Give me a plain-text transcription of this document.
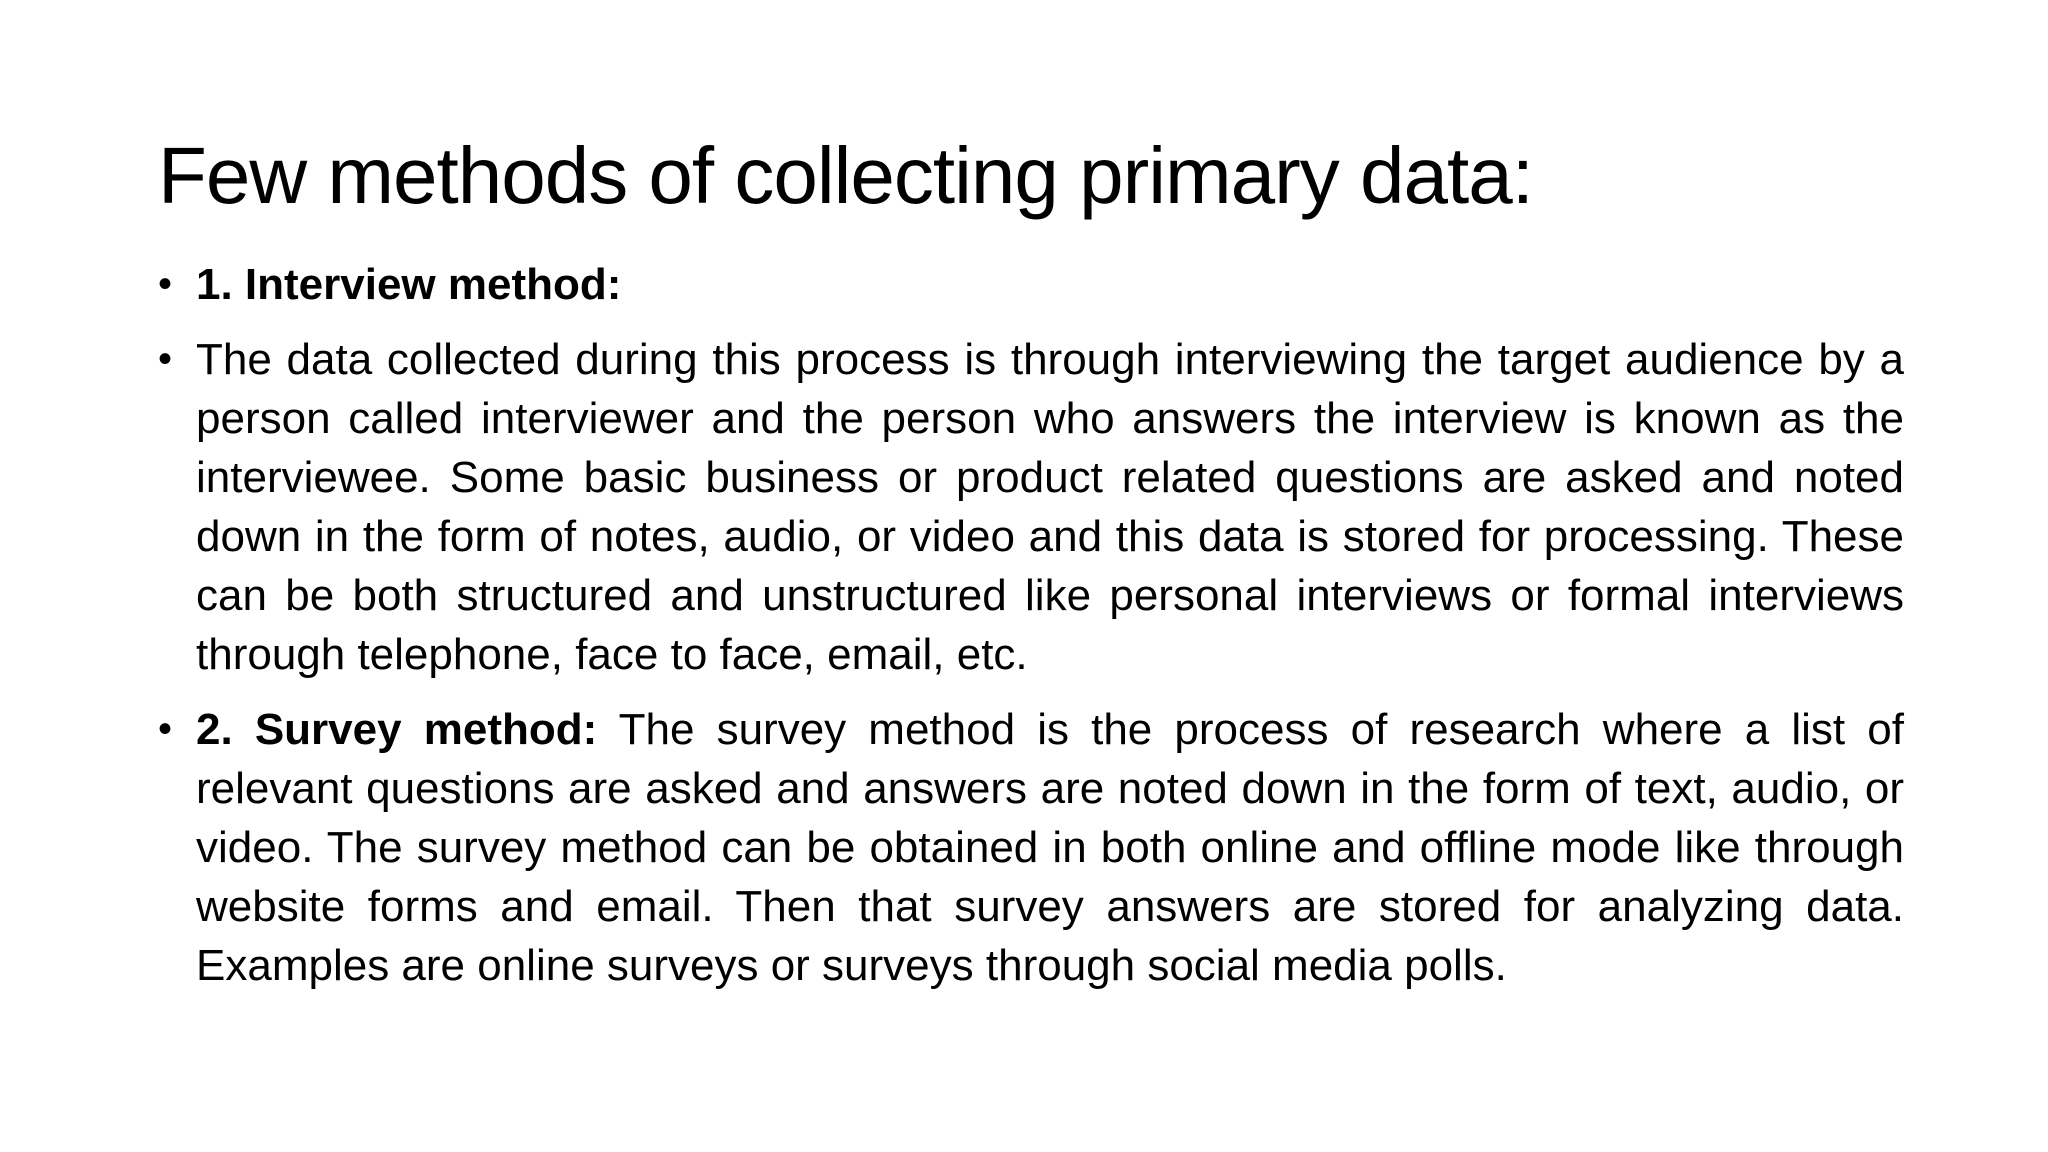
Few methods of collecting primary data:
• 1. Interview method:
• The data collected during this process is through interviewing the target audience by a person called interviewer and the person who answers the interview is known as the interviewee. Some basic business or product related questions are asked and noted down in the form of notes, audio, or video and this data is stored for processing. These can be both structured and unstructured like personal interviews or formal interviews through telephone, face to face, email, etc.
• 2. Survey method: The survey method is the process of research where a list of relevant questions are asked and answers are noted down in the form of text, audio, or video. The survey method can be obtained in both online and offline mode like through website forms and email. Then that survey answers are stored for analyzing data. Examples are online surveys or surveys through social media polls.
